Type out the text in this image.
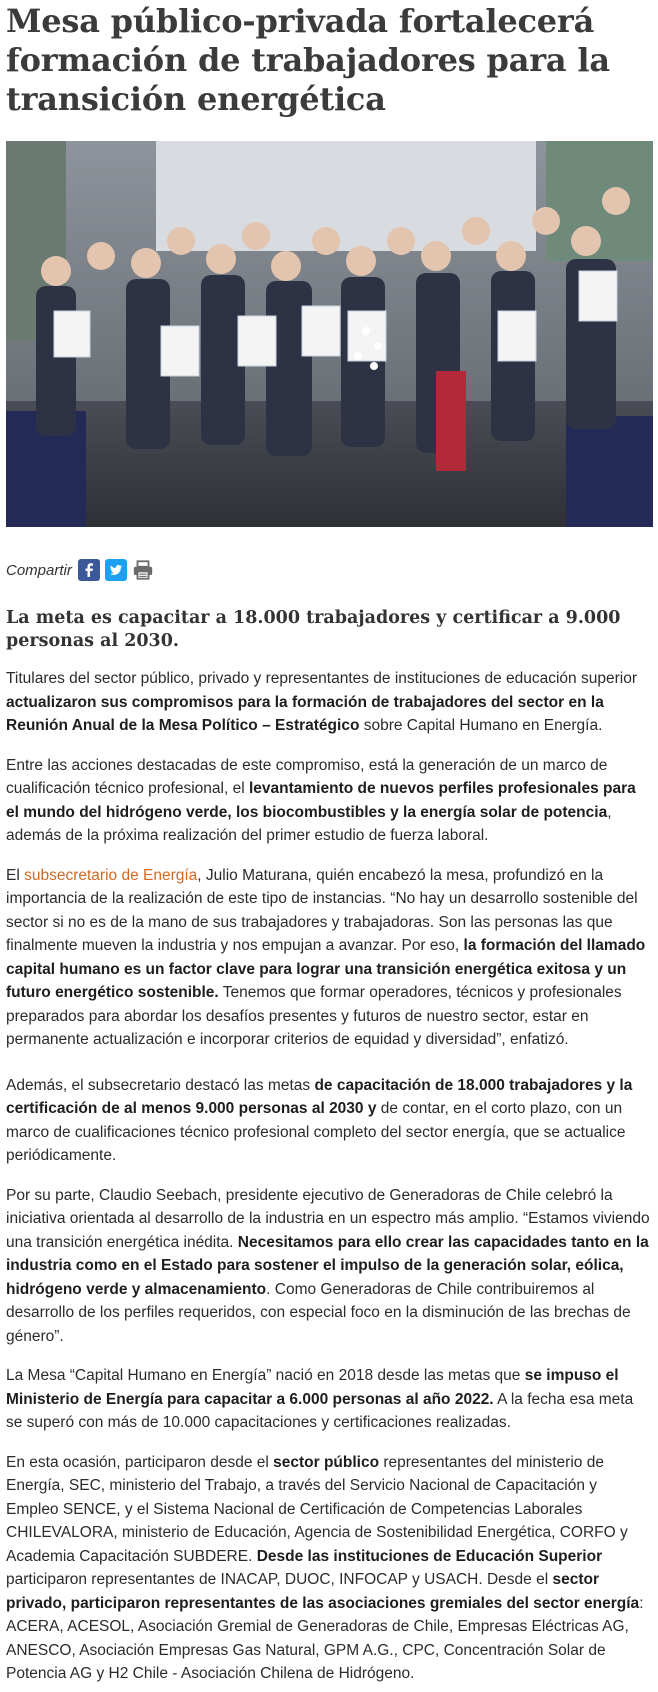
Mesa público-privada fortalecerá formación de trabajadores para la transición energética
Compartir
La meta es capacitar a 18.000 trabajadores y certificar a 9.000 personas al 2030.

Titulares del sector público, privado y representantes de instituciones de educación superior actualizaron sus compromisos para la formación de trabajadores del sector en la Reunión Anual de la Mesa Político – Estratégico sobre Capital Humano en Energía.

Entre las acciones destacadas de este compromiso, está la generación de un marco de cualificación técnico profesional, el levantamiento de nuevos perfiles profesionales para el mundo del hidrógeno verde, los biocombustibles y la energía solar de potencia, además de la próxima realización del primer estudio de fuerza laboral.

El subsecretario de Energía, Julio Maturana, quién encabezó la mesa, profundizó en la importancia de la realización de este tipo de instancias. “No hay un desarrollo sostenible del sector si no es de la mano de sus trabajadores y trabajadoras. Son las personas las que finalmente mueven la industria y nos empujan a avanzar. Por eso, la formación del llamado capital humano es un factor clave para lograr una transición energética exitosa y un futuro energético sostenible. Tenemos que formar operadores, técnicos y profesionales preparados para abordar los desafíos presentes y futuros de nuestro sector, estar en permanente actualización e incorporar criterios de equidad y diversidad”, enfatizó.

Además, el subsecretario destacó las metas de capacitación de 18.000 trabajadores y la certificación de al menos 9.000 personas al 2030 y de contar, en el corto plazo, con un marco de cualificaciones técnico profesional completo del sector energía, que se actualice periódicamente.

Por su parte, Claudio Seebach, presidente ejecutivo de Generadoras de Chile celebró la iniciativa orientada al desarrollo de la industria en un espectro más amplio. “Estamos viviendo una transición energética inédita. Necesitamos para ello crear las capacidades tanto en la industria como en el Estado para sostener el impulso de la generación solar, eólica, hidrógeno verde y almacenamiento. Como Generadoras de Chile contribuiremos al desarrollo de los perfiles requeridos, con especial foco en la disminución de las brechas de género”.

La Mesa “Capital Humano en Energía” nació en 2018 desde las metas que se impuso el Ministerio de Energía para capacitar a 6.000 personas al año 2022. A la fecha esa meta se superó con más de 10.000 capacitaciones y certificaciones realizadas.

En esta ocasión, participaron desde el sector público representantes del ministerio de Energía, SEC, ministerio del Trabajo, a través del Servicio Nacional de Capacitación y Empleo SENCE, y el Sistema Nacional de Certificación de Competencias Laborales CHILEVALORA, ministerio de Educación, Agencia de Sostenibilidad Energética, CORFO y Academia Capacitación SUBDERE. Desde las instituciones de Educación Superior participaron representantes de INACAP, DUOC, INFOCAP y USACH. Desde el sector privado, participaron representantes de las asociaciones gremiales del sector energía: ACERA, ACESOL, Asociación Gremial de Generadoras de Chile, Empresas Eléctricas AG, ANESCO, Asociación Empresas Gas Natural, GPM A.G., CPC, Concentración Solar de Potencia AG y H2 Chile - Asociación Chilena de Hidrógeno.
